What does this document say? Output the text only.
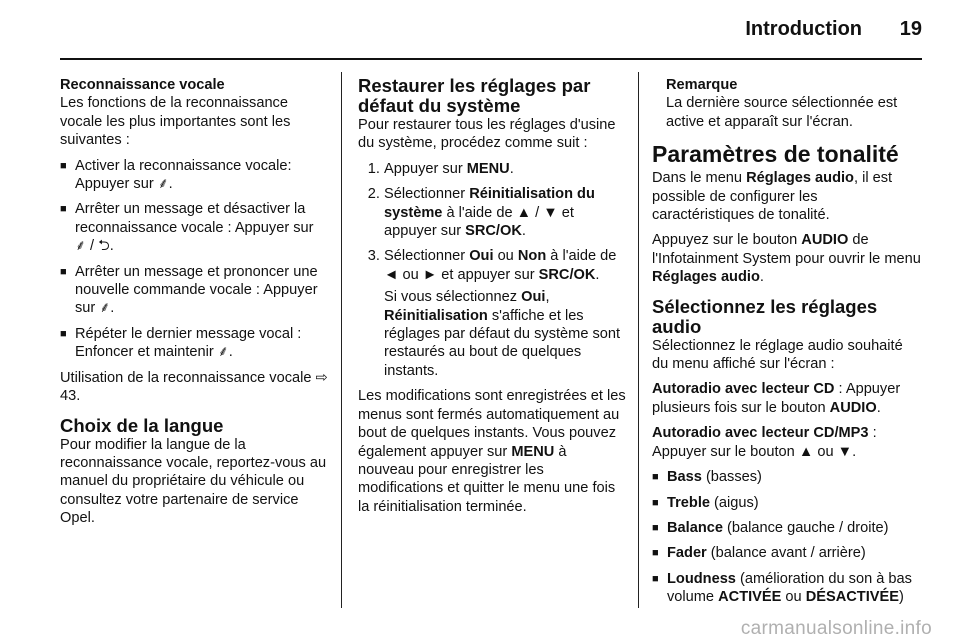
Introduction 19

Reconnaissance vocale

Les fonctions de la reconnaissance vocale les plus importantes sont les suivantes :

■ Activer la reconnaissance vocale: Appuyer sur ⸙.
■ Arrêter un message et désactiver la reconnaissance vocale : Appuyer sur ⸙ / ⮌.
■ Arrêter un message et prononcer une nouvelle commande vocale : Appuyer sur ⸙.
■ Répéter le dernier message vocal : Enfoncer et maintenir ⸙.

Utilisation de la reconnaissance vocale ⇨ 43.

Choix de la langue

Pour modifier la langue de la reconnaissance vocale, reportez-vous au manuel du propriétaire du véhicule ou consultez votre partenaire de service Opel.

Restaurer les réglages par défaut du système

Pour restaurer tous les réglages d'usine du système, procédez comme suit :

1. Appuyer sur MENU.
2. Sélectionner Réinitialisation du système à l'aide de ▲ / ▼ et appuyer sur SRC/OK.
3. Sélectionner Oui ou Non à l'aide de ◄ ou ► et appuyer sur SRC/OK.

Si vous sélectionnez Oui, Réinitialisation s'affiche et les réglages par défaut du système sont restaurés au bout de quelques instants.

Les modifications sont enregistrées et les menus sont fermés automatiquement au bout de quelques instants. Vous pouvez également appuyer sur MENU à nouveau pour enregistrer les modifications et quitter le menu une fois la réinitialisation terminée.

Remarque

La dernière source sélectionnée est active et apparaît sur l'écran.

Paramètres de tonalité

Dans le menu Réglages audio, il est possible de configurer les caractéristiques de tonalité.

Appuyez sur le bouton AUDIO de l'Infotainment System pour ouvrir le menu Réglages audio.

Sélectionnez les réglages audio

Sélectionnez le réglage audio souhaité du menu affiché sur l'écran :

Autoradio avec lecteur CD : Appuyer plusieurs fois sur le bouton AUDIO.

Autoradio avec lecteur CD/MP3 : Appuyer sur le bouton ▲ ou ▼.

■ Bass (basses)
■ Treble (aigus)
■ Balance (balance gauche / droite)
■ Fader (balance avant / arrière)
■ Loudness (amélioration du son à bas volume ACTIVÉE ou DÉSACTIVÉE)
carmanualsonline.info
